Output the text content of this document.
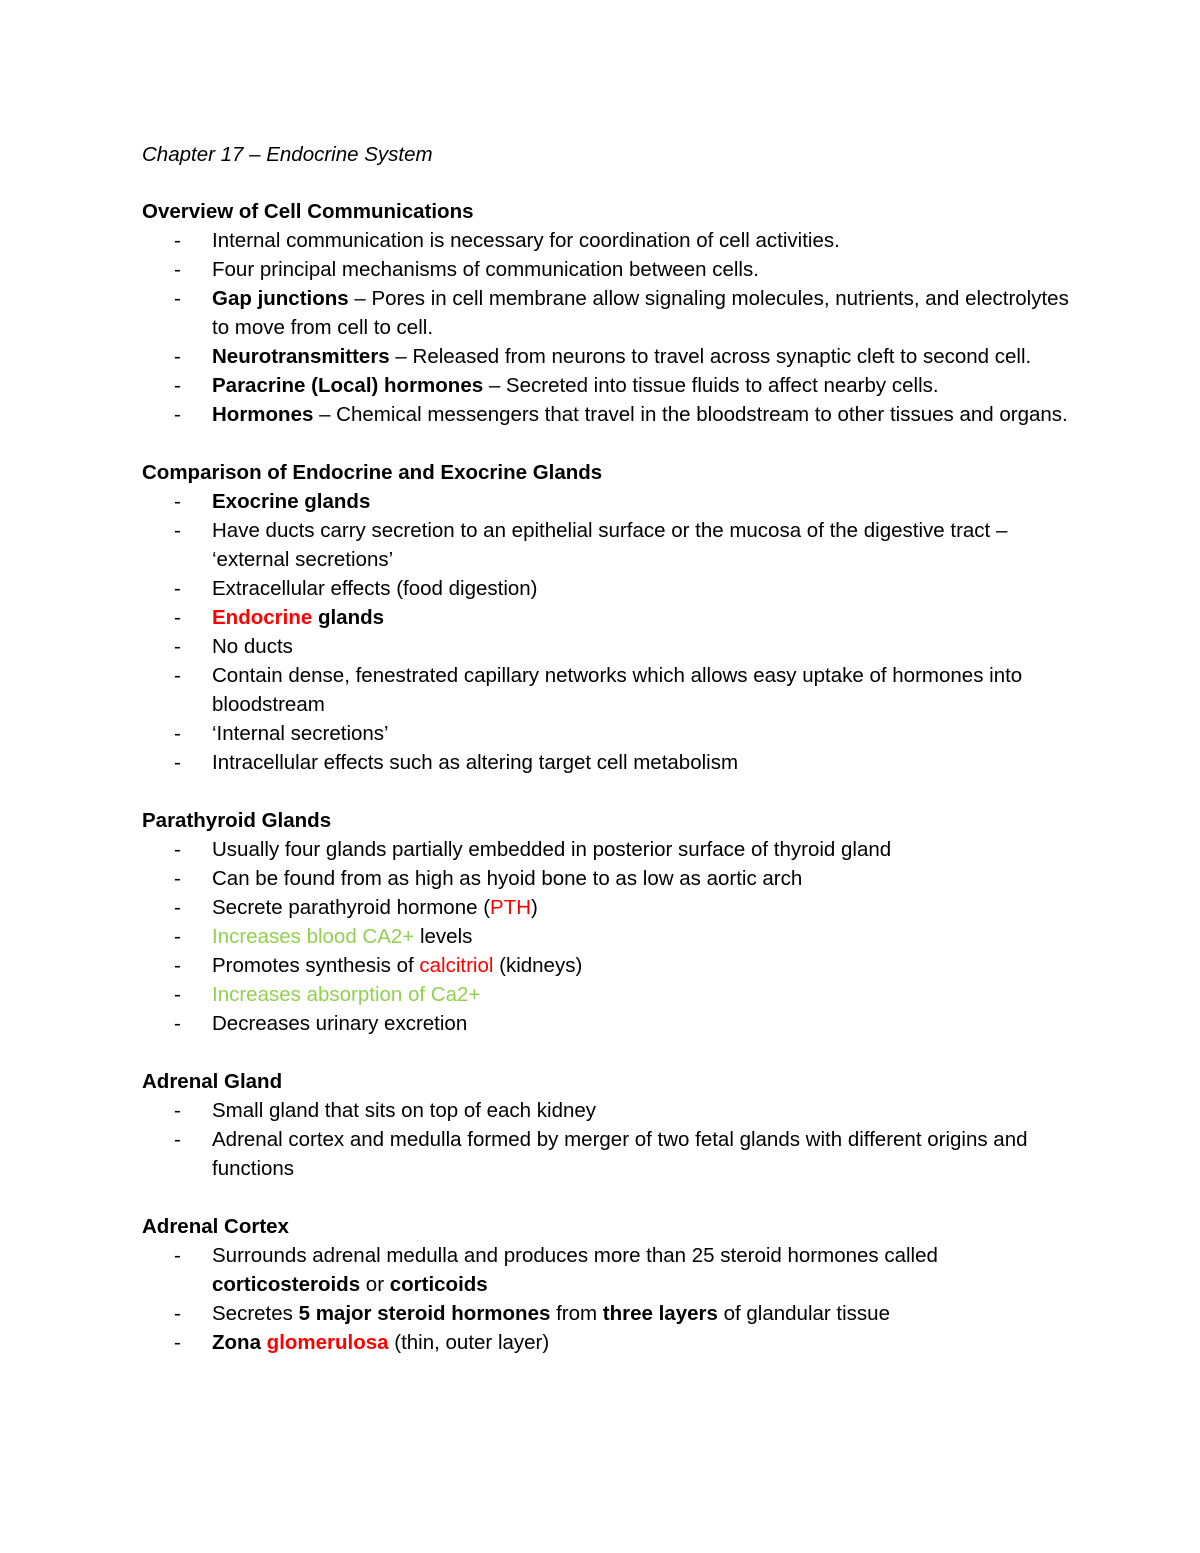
Chapter 17 – Endocrine System
Overview of Cell Communications
- Internal communication is necessary for coordination of cell activities.
- Four principal mechanisms of communication between cells.
- Gap junctions – Pores in cell membrane allow signaling molecules, nutrients, and electrolytes to move from cell to cell.
- Neurotransmitters – Released from neurons to travel across synaptic cleft to second cell.
- Paracrine (Local) hormones – Secreted into tissue fluids to affect nearby cells.
- Hormones – Chemical messengers that travel in the bloodstream to other tissues and organs.
Comparison of Endocrine and Exocrine Glands
- Exocrine glands
- Have ducts carry secretion to an epithelial surface or the mucosa of the digestive tract – ‘external secretions’
- Extracellular effects (food digestion)
- Endocrine glands
- No ducts
- Contain dense, fenestrated capillary networks which allows easy uptake of hormones into bloodstream
- ‘Internal secretions’
- Intracellular effects such as altering target cell metabolism
Parathyroid Glands
- Usually four glands partially embedded in posterior surface of thyroid gland
- Can be found from as high as hyoid bone to as low as aortic arch
- Secrete parathyroid hormone (PTH)
- Increases blood CA2+ levels
- Promotes synthesis of calcitriol (kidneys)
- Increases absorption of Ca2+
- Decreases urinary excretion
Adrenal Gland
- Small gland that sits on top of each kidney
- Adrenal cortex and medulla formed by merger of two fetal glands with different origins and functions
Adrenal Cortex
- Surrounds adrenal medulla and produces more than 25 steroid hormones called corticosteroids or corticoids
- Secretes 5 major steroid hormones from three layers of glandular tissue
- Zona glomerulosa (thin, outer layer)
